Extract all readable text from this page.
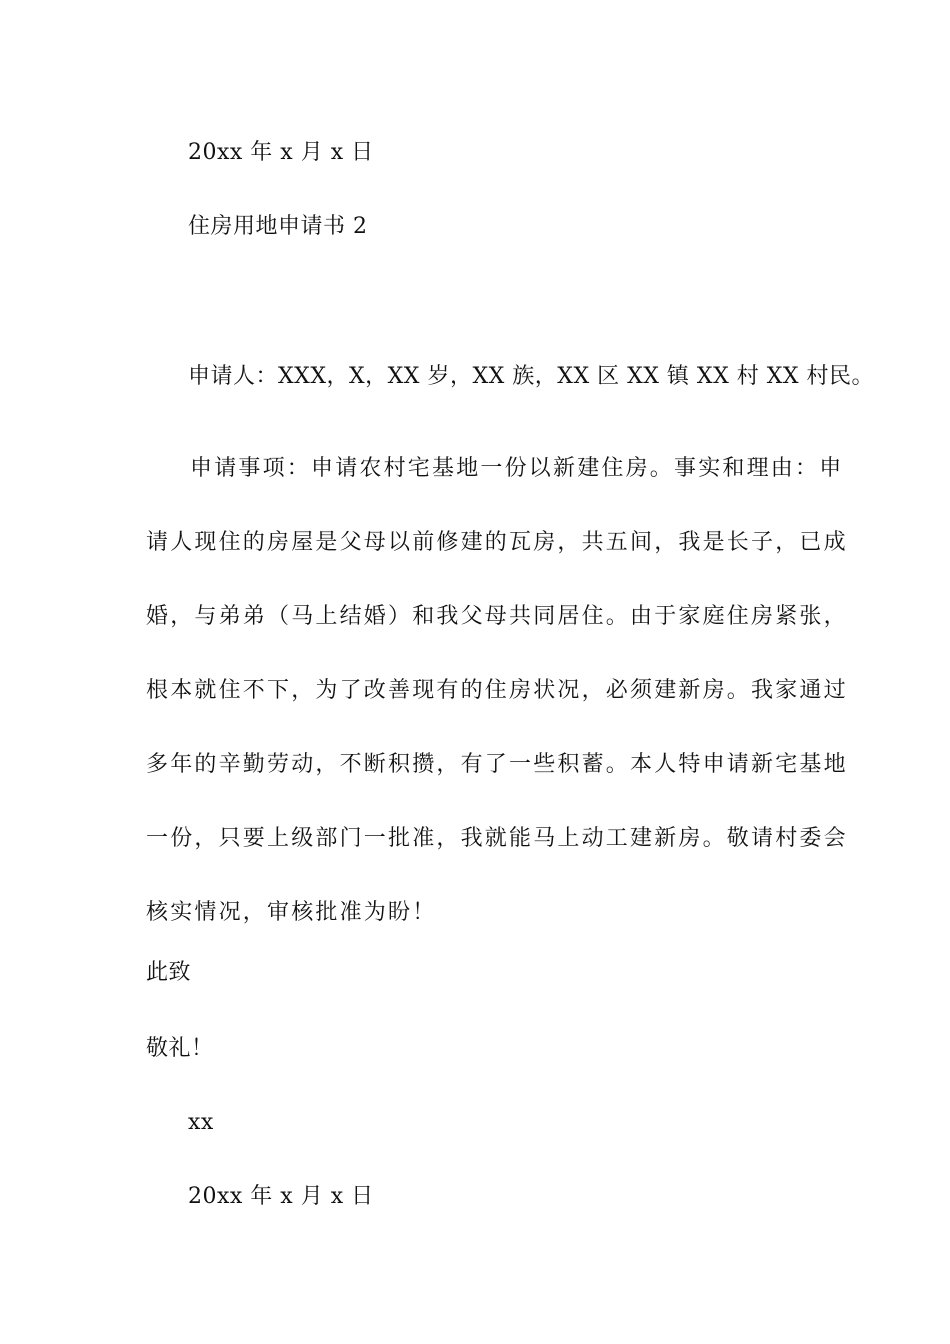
20xx 年 x 月 x 日
住房用地申请书 2
申请人：XXX，X，XX 岁，XX 族，XX 区 XX 镇 XX 村 XX 村民。
申请事项：申请农村宅基地一份以新建住房。事实和理由：申
请人现住的房屋是父母以前修建的瓦房，共五间，我是长子，已成
婚，与弟弟（马上结婚）和我父母共同居住。由于家庭住房紧张，
根本就住不下，为了改善现有的住房状况，必须建新房。我家通过
多年的辛勤劳动，不断积攒，有了一些积蓄。本人特申请新宅基地
一份，只要上级部门一批准，我就能马上动工建新房。敬请村委会
核实情况，审核批准为盼！
此致
敬礼！
xx
20xx 年 x 月 x 日
